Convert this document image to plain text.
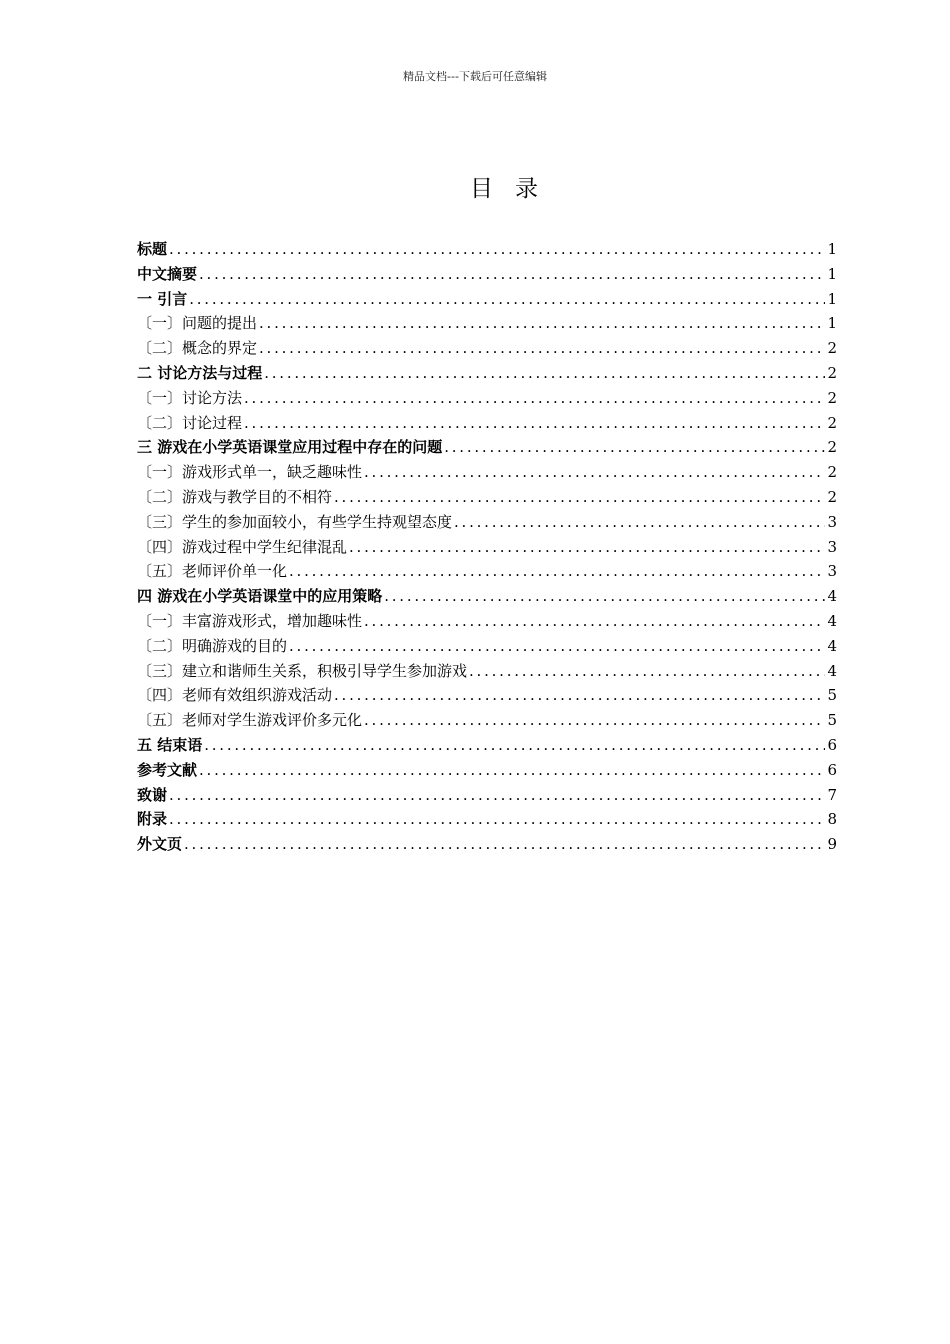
精品文档---下载后可任意编辑
目录
标题 . . .	1
中文摘要 . . .	1
一 引言 . . .	1
〔一〕问题的提出 . . .	1
〔二〕概念的界定 . . .	2
二 讨论方法与过程 . . .	2
〔一〕讨论方法 . . .	2
〔二〕讨论过程 . . .	2
三 游戏在小学英语课堂应用过程中存在的问题 . . .	2
〔一〕游戏形式单一，缺乏趣味性 . . .	2
〔二〕游戏与教学目的不相符 . . .	2
〔三〕学生的参加面较小，有些学生持观望态度 . . .	3
〔四〕游戏过程中学生纪律混乱 . . .	3
〔五〕老师评价单一化 . . .	3
四 游戏在小学英语课堂中的应用策略 . . .	4
〔一〕丰富游戏形式，增加趣味性 . . .	4
〔二〕明确游戏的目的 . . .	4
〔三〕建立和谐师生关系，积极引导学生参加游戏 . . .	4
〔四〕老师有效组织游戏活动 . . .	5
〔五〕老师对学生游戏评价多元化 . . .	5
五 结束语 . . .	6
参考文献 . . .	6
致谢 . . .	7
附录 . . .	8
外文页 . . .	9
